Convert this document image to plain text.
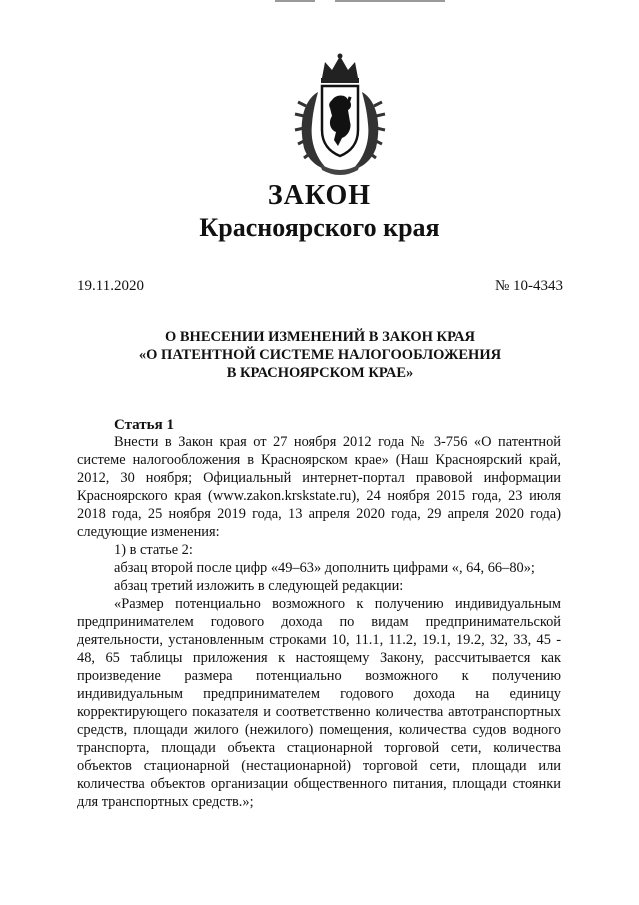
ЗАКОН
Красноярского края
19.11.2020	№ 10-4343
О ВНЕСЕНИИ ИЗМЕНЕНИЙ В ЗАКОН КРАЯ
«О ПАТЕНТНОЙ СИСТЕМЕ НАЛОГООБЛОЖЕНИЯ
В КРАСНОЯРСКОМ КРАЕ»
Статья 1

Внести в Закон края от 27 ноября 2012 года № 3-756 «О патентной системе налогообложения в Красноярском крае» (Наш Красноярский край, 2012, 30 ноября; Официальный интернет-портал правовой информации Красноярского края (www.zakon.krskstate.ru), 24 ноября 2015 года, 23 июля 2018 года, 25 ноября 2019 года, 13 апреля 2020 года, 29 апреля 2020 года) следующие изменения:

1) в статье 2:

абзац второй после цифр «49–63» дополнить цифрами «, 64, 66–80»;

абзац третий изложить в следующей редакции:

«Размер потенциально возможного к получению индивидуальным предпринимателем годового дохода по видам предпринимательской деятельности, установленным строками 10, 11.1, 11.2, 19.1, 19.2, 32, 33, 45 - 48, 65 таблицы приложения к настоящему Закону, рассчитывается как произведение размера потенциально возможного к получению индивидуальным предпринимателем годового дохода на единицу корректирующего показателя и соответственно количества автотранспортных средств, площади жилого (нежилого) помещения, количества судов водного транспорта, площади объекта стационарной торговой сети, количества объектов стационарной (нестационарной) торговой сети, площади или количества объектов организации общественного питания, площади стоянки для транспортных средств.»;
